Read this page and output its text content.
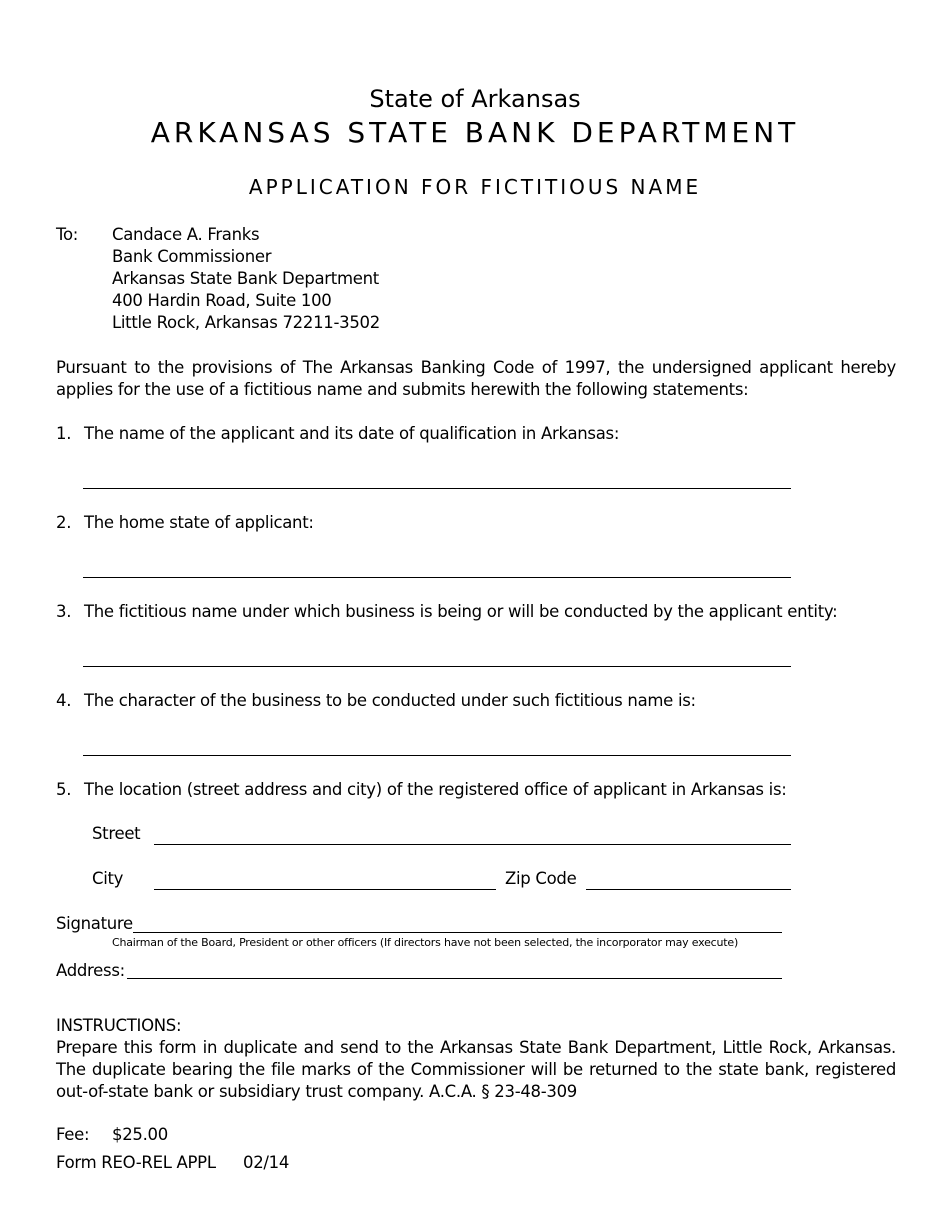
State of Arkansas
ARKANSAS STATE BANK DEPARTMENT
APPLICATION FOR FICTITIOUS NAME
To: Candace A. Franks
Bank Commissioner
Arkansas State Bank Department
400 Hardin Road, Suite 100
Little Rock, Arkansas 72211-3502
Pursuant to the provisions of The Arkansas Banking Code of 1997, the undersigned applicant hereby applies for the use of a fictitious name and submits herewith the following statements:
1. The name of the applicant and its date of qualification in Arkansas:
2. The home state of applicant:
3. The fictitious name under which business is being or will be conducted by the applicant entity:
4. The character of the business to be conducted under such fictitious name is:
5. The location (street address and city) of the registered office of applicant in Arkansas is:
Street
City	Zip Code
Signature
Chairman of the Board, President or other officers (If directors have not been selected, the incorporator may execute)
Address:
INSTRUCTIONS:
Prepare this form in duplicate and send to the Arkansas State Bank Department, Little Rock, Arkansas. The duplicate bearing the file marks of the Commissioner will be returned to the state bank, registered out-of-state bank or subsidiary trust company. A.C.A. § 23-48-309
Fee: $25.00
Form REO-REL APPL 02/14
